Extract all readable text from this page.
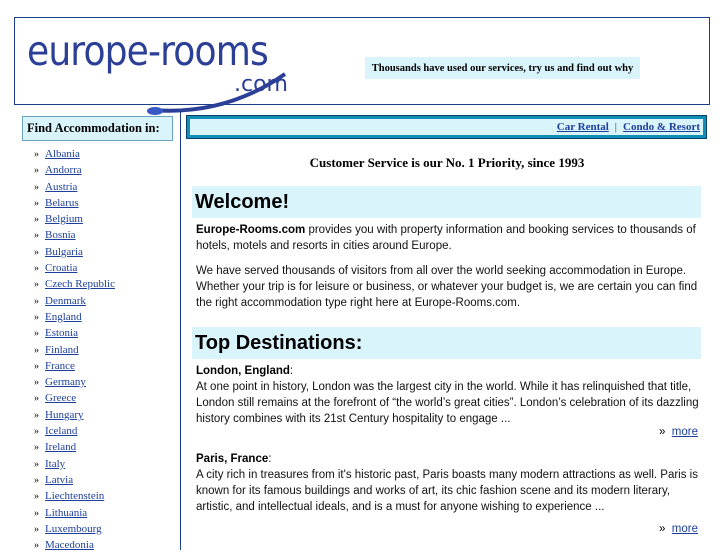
europe-rooms
.com
Thousands have used our services, try us and find out why
Find Accommodation in:
» Albania
» Andorra
» Austria
» Belarus
» Belgium
» Bosnia
» Bulgaria
» Croatia
» Czech Republic
» Denmark
» England
» Estonia
» Finland
» France
» Germany
» Greece
» Hungary
» Iceland
» Ireland
» Italy
» Latvia
» Liechtenstein
» Lithuania
» Luxembourg
» Macedonia
Car Rental | Condo & Resort
Customer Service is our No. 1 Priority, since 1993
Welcome!
Europe-Rooms.com provides you with property information and booking services to thousands of hotels, motels and resorts in cities around Europe.
We have served thousands of visitors from all over the world seeking accommodation in Europe. Whether your trip is for leisure or business, or whatever your budget is, we are certain you can find the right accommodation type right here at Europe-Rooms.com.
Top Destinations:
London, England:
At one point in history, London was the largest city in the world. While it has relinquished that title, London still remains at the forefront of “the world’s great cities”. London’s celebration of its dazzling history combines with its 21st Century hospitality to engage ...
» more
Paris, France:
A city rich in treasures from it's historic past, Paris boasts many modern attractions as well. Paris is known for its famous buildings and works of art, its chic fashion scene and its modern literary, artistic, and intellectual ideals, and is a must for anyone wishing to experience ...
» more
